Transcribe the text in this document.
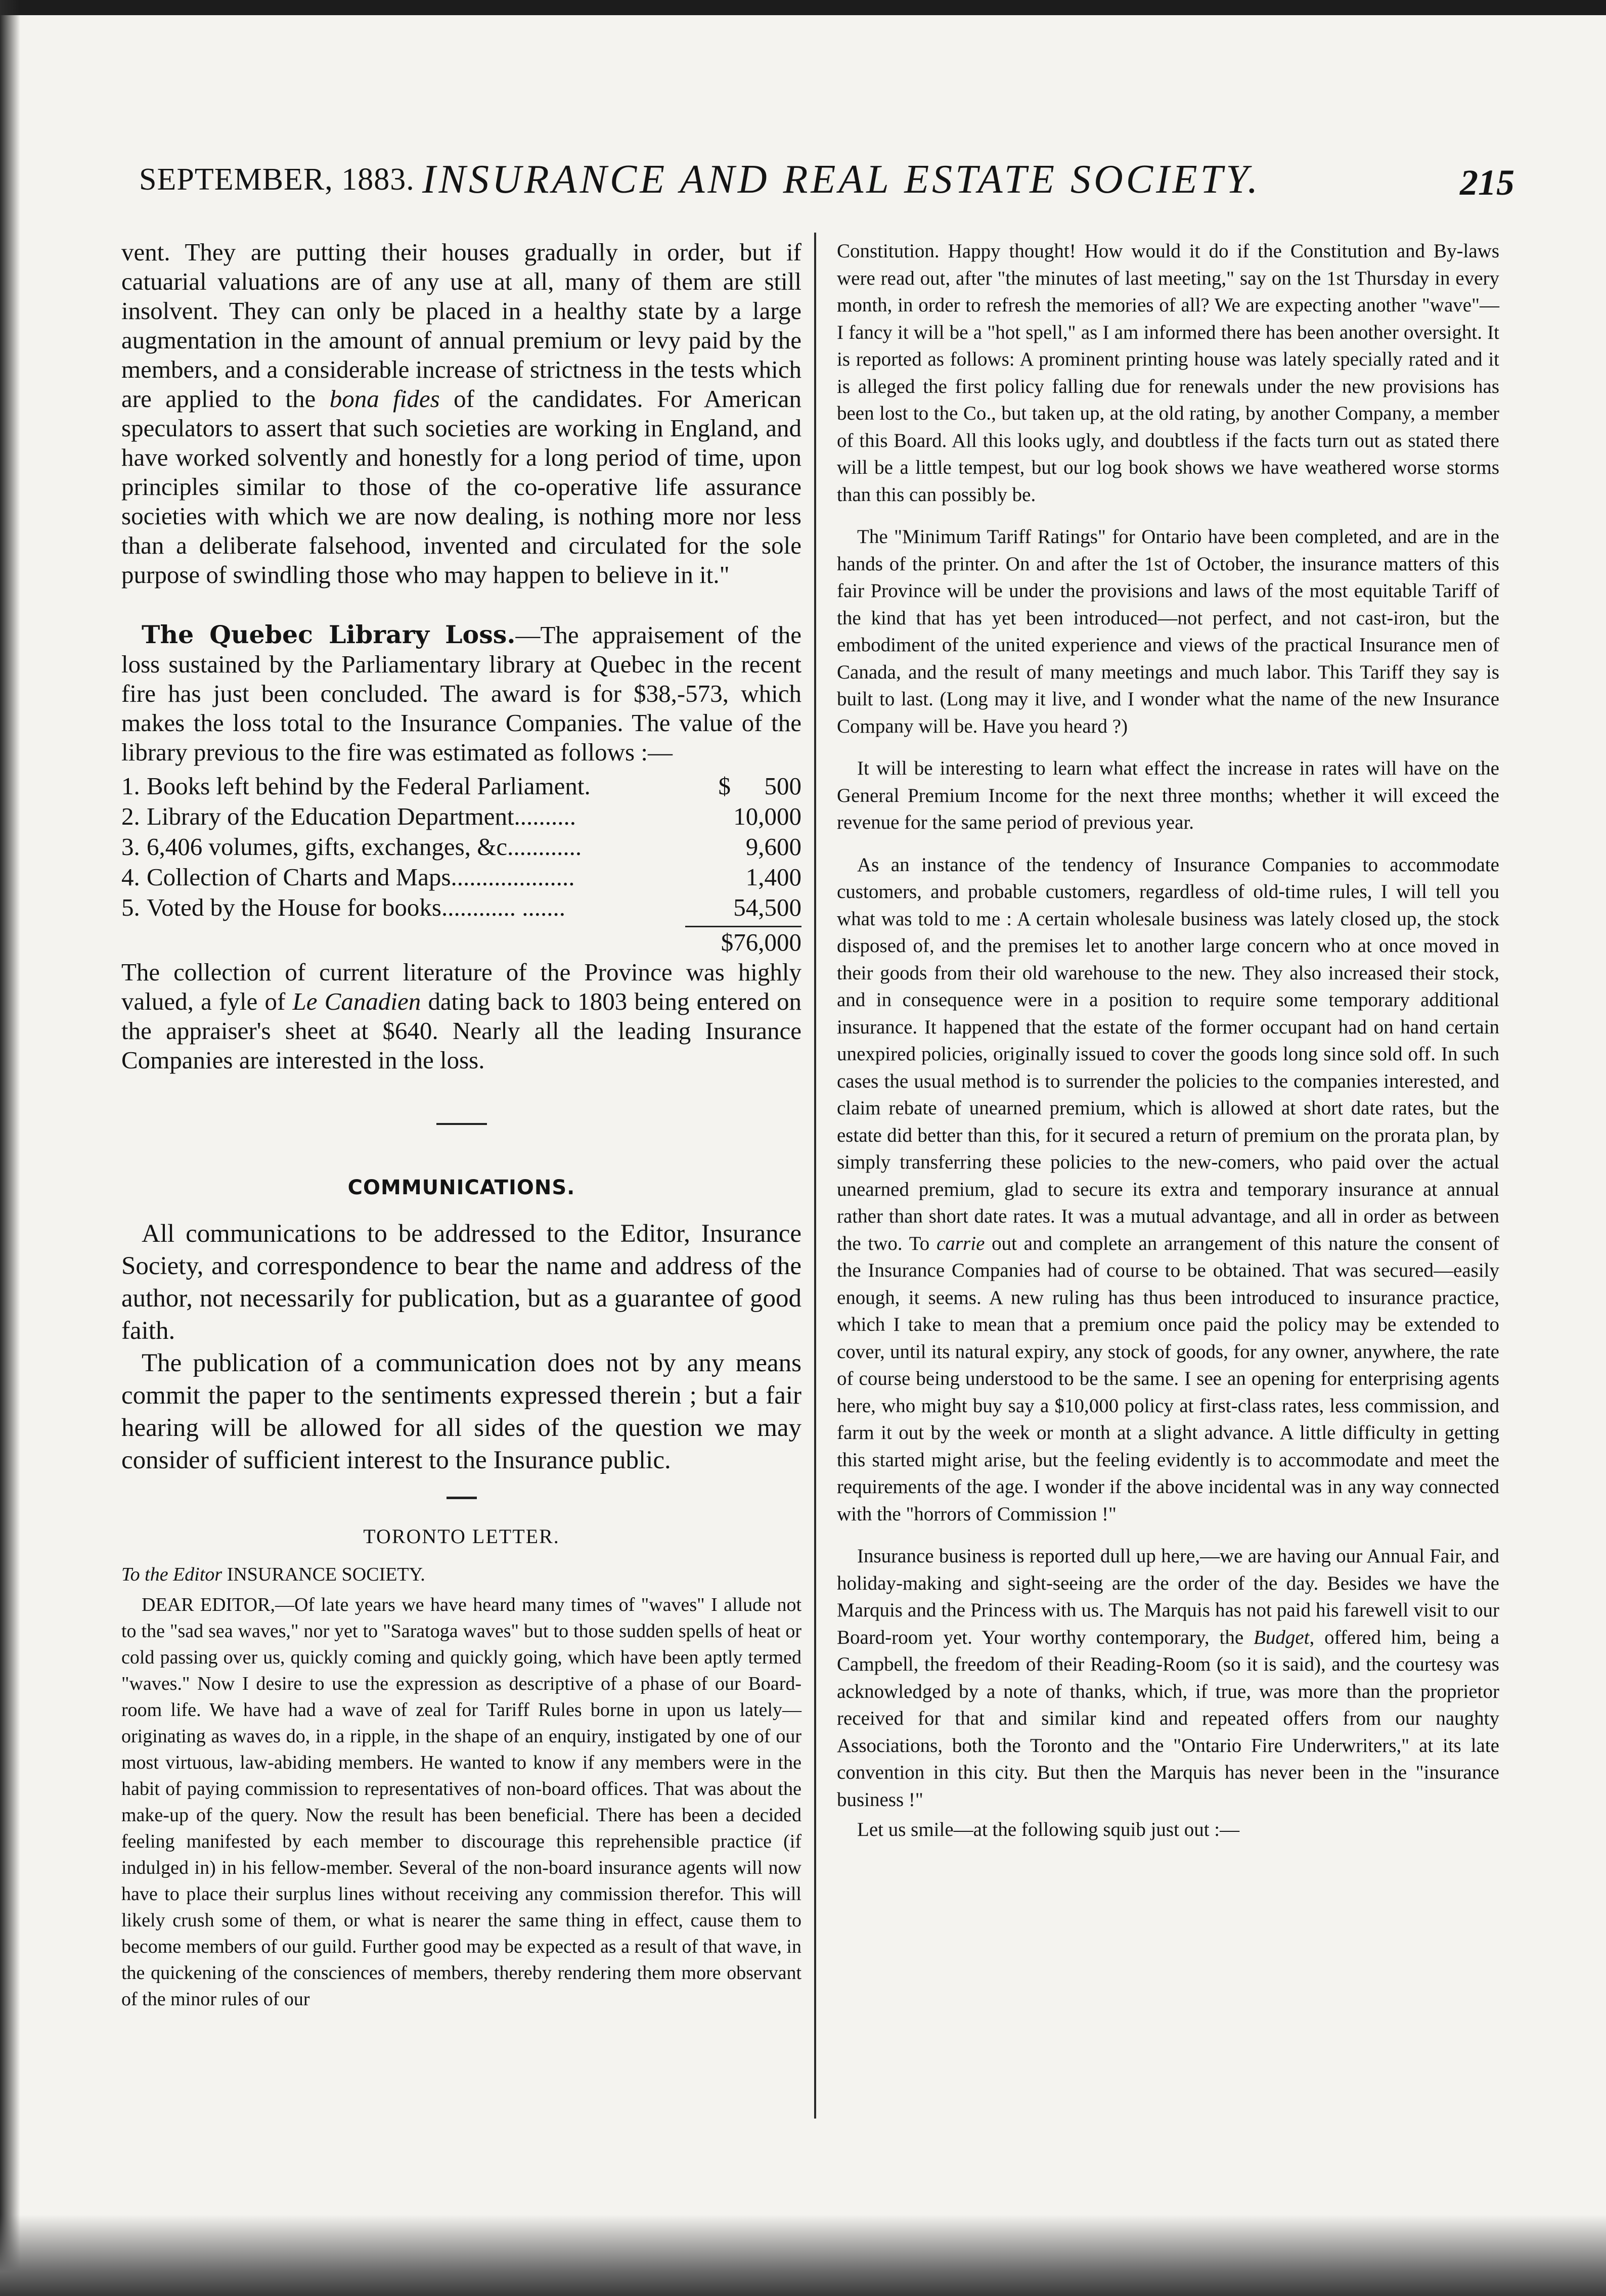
SEPTEMBER, 1883. INSURANCE AND REAL ESTATE SOCIETY.	215

vent. They are putting their houses gradually in order, but if catuarial valuations are of any use at all, many of them are still insolvent. They can only be placed in a healthy state by a large augmentation in the amount of annual premium or levy paid by the members, and a considerable increase of strictness in the tests which are applied to the bona fides of the candidates. For American speculators to assert that such societies are working in England, and have worked solvently and honestly for a long period of time, upon principles similar to those of the co-operative life assurance societies with which we are now dealing, is nothing more nor less than a deliberate falsehood, invented and circulated for the sole purpose of swindling those who may happen to believe in it."

The Quebec Library Loss.—The appraisement of the loss sustained by the Parliamentary library at Quebec in the recent fire has just been concluded. The award is for $38,-573, which makes the loss total to the Insurance Companies. The value of the library previous to the fire was estimated as follows :—

1. Books left behind by the Federal Parliament.	$	500
2. Library of the Education Department..........	10,000
3. 6,406 volumes, gifts, exchanges, &c............	9,600
4. Collection of Charts and Maps....................	1,400
5. Voted by the House for books............ .......	54,500
$76,000

The collection of current literature of the Province was highly valued, a fyle of Le Canadien dating back to 1803 being entered on the appraiser's sheet at $640. Nearly all the leading Insurance Companies are interested in the loss.

COMMUNICATIONS.

All communications to be addressed to the Editor, Insurance Society, and correspondence to bear the name and address of the author, not necessarily for publication, but as a guarantee of good faith.

The publication of a communication does not by any means commit the paper to the sentiments expressed therein ; but a fair hearing will be allowed for all sides of the question we may consider of sufficient interest to the Insurance public.

TORONTO LETTER.

To the Editor INSURANCE SOCIETY.

DEAR EDITOR,—Of late years we have heard many times of "waves" I allude not to the "sad sea waves," nor yet to "Saratoga waves" but to those sudden spells of heat or cold passing over us, quickly coming and quickly going, which have been aptly termed "waves." Now I desire to use the expression as descriptive of a phase of our Board-room life. We have had a wave of zeal for Tariff Rules borne in upon us lately—originating as waves do, in a ripple, in the shape of an enquiry, instigated by one of our most virtuous, law-abiding members. He wanted to know if any members were in the habit of paying commission to representatives of non-board offices. That was about the make-up of the query. Now the result has been beneficial. There has been a decided feeling manifested by each member to discourage this reprehensible practice (if indulged in) in his fellow-member. Several of the non-board insurance agents will now have to place their surplus lines without receiving any commission therefor. This will likely crush some of them, or what is nearer the same thing in effect, cause them to become members of our guild. Further good may be expected as a result of that wave, in the quickening of the consciences of members, thereby rendering them more observant of the minor rules of our

Constitution. Happy thought! How would it do if the Constitution and By-laws were read out, after "the minutes of last meeting," say on the 1st Thursday in every month, in order to refresh the memories of all? We are expecting another "wave"—I fancy it will be a "hot spell," as I am informed there has been another oversight. It is reported as follows: A prominent printing house was lately specially rated and it is alleged the first policy falling due for renewals under the new provisions has been lost to the Co., but taken up, at the old rating, by another Company, a member of this Board. All this looks ugly, and doubtless if the facts turn out as stated there will be a little tempest, but our log book shows we have weathered worse storms than this can possibly be.

The "Minimum Tariff Ratings" for Ontario have been completed, and are in the hands of the printer. On and after the 1st of October, the insurance matters of this fair Province will be under the provisions and laws of the most equitable Tariff of the kind that has yet been introduced—not perfect, and not cast-iron, but the embodiment of the united experience and views of the practical Insurance men of Canada, and the result of many meetings and much labor. This Tariff they say is built to last. (Long may it live, and I wonder what the name of the new Insurance Company will be. Have you heard ?)

It will be interesting to learn what effect the increase in rates will have on the General Premium Income for the next three months; whether it will exceed the revenue for the same period of previous year.

As an instance of the tendency of Insurance Companies to accommodate customers, and probable customers, regardless of old-time rules, I will tell you what was told to me : A certain wholesale business was lately closed up, the stock disposed of, and the premises let to another large concern who at once moved in their goods from their old warehouse to the new. They also increased their stock, and in consequence were in a position to require some temporary additional insurance. It happened that the estate of the former occupant had on hand certain unexpired policies, originally issued to cover the goods long since sold off. In such cases the usual method is to surrender the policies to the companies interested, and claim rebate of unearned premium, which is allowed at short date rates, but the estate did better than this, for it secured a return of premium on the prorata plan, by simply transferring these policies to the new-comers, who paid over the actual unearned premium, glad to secure its extra and temporary insurance at annual rather than short date rates. It was a mutual advantage, and all in order as between the two. To carrie out and complete an arrangement of this nature the consent of the Insurance Companies had of course to be obtained. That was secured—easily enough, it seems. A new ruling has thus been introduced to insurance practice, which I take to mean that a premium once paid the policy may be extended to cover, until its natural expiry, any stock of goods, for any owner, anywhere, the rate of course being understood to be the same. I see an opening for enterprising agents here, who might buy say a $10,000 policy at first-class rates, less commission, and farm it out by the week or month at a slight advance. A little difficulty in getting this started might arise, but the feeling evidently is to accommodate and meet the requirements of the age. I wonder if the above incidental was in any way connected with the "horrors of Commission !"

Insurance business is reported dull up here,—we are having our Annual Fair, and holiday-making and sight-seeing are the order of the day. Besides we have the Marquis and the Princess with us. The Marquis has not paid his farewell visit to our Board-room yet. Your worthy contemporary, the Budget, offered him, being a Campbell, the freedom of their Reading-Room (so it is said), and the courtesy was acknowledged by a note of thanks, which, if true, was more than the proprietor received for that and similar kind and repeated offers from our naughty Associations, both the Toronto and the "Ontario Fire Underwriters," at its late convention in this city. But then the Marquis has never been in the "insurance business !"

Let us smile—at the following squib just out :—
